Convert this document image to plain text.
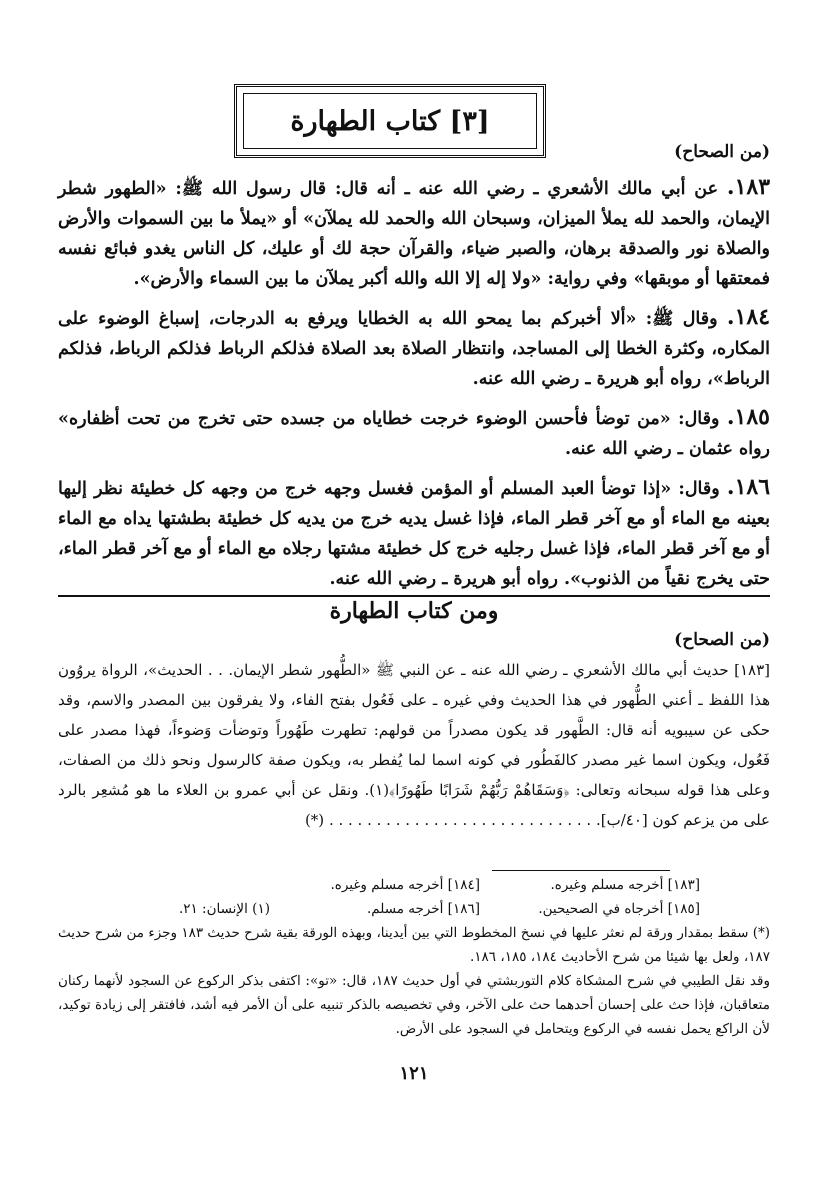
[٣] كتاب الطهارة
(من الصحاح)

١٨٣. عن أبي مالك الأشعري ـ رضي الله عنه ـ أنه قال: قال رسول الله ﷺ: «الطهور شطر الإيمان، والحمد لله يملأ الميزان، وسبحان الله والحمد لله يملآن» أو «يملأ ما بين السموات والأرض والصلاة نور والصدقة برهان، والصبر ضياء، والقرآن حجة لك أو عليك، كل الناس يغدو فبائع نفسه فمعتقها أو موبقها» وفي رواية: «ولا إله إلا الله والله أكبر يملآن ما بين السماء والأرض».

١٨٤. وقال ﷺ: «ألا أخبركم بما يمحو الله به الخطايا ويرفع به الدرجات، إسباغ الوضوء على المكاره، وكثرة الخطا إلى المساجد، وانتظار الصلاة بعد الصلاة فذلكم الرباط فذلكم الرباط، فذلكم الرباط»، رواه أبو هريرة ـ رضي الله عنه.

١٨٥. وقال: «من توضأ فأحسن الوضوء خرجت خطاياه من جسده حتى تخرج من تحت أظفاره» رواه عثمان ـ رضي الله عنه.

١٨٦. وقال: «إذا توضأ العبد المسلم أو المؤمن فغسل وجهه خرج من وجهه كل خطيئة نظر إليها بعينه مع الماء أو مع آخر قطر الماء، فإذا غسل يديه خرج من يديه كل خطيئة بطشتها يداه مع الماء أو مع آخر قطر الماء، فإذا غسل رجليه خرج كل خطيئة مشتها رجلاه مع الماء أو مع آخر قطر الماء، حتى يخرج نقياً من الذنوب». رواه أبو هريرة ـ رضي الله عنه.

ومن كتاب الطهارة
(من الصحاح)
[١٨٣] حديث أبي مالك الأشعري ـ رضي الله عنه ـ عن النبي ﷺ «الطُّهور شطر الإيمان. . . الحديث»، الرواة يروُون هذا اللفظ ـ أعني الطُّهور في هذا الحديث وفي غيره ـ على فَعُول بفتح الفاء، ولا يفرقون بين المصدر والاسم، وقد حكى عن سيبويه أنه قال: الطَّهور قد يكون مصدراً من قولهم: تطهرت طَهُوراً وتوضأت وَضوءاً، فهذا مصدر على فَعُول، ويكون اسما غير مصدر كالفَطُور في كونه اسما لما يُفطر به، ويكون صفة كالرسول ونحو ذلك من الصفات، وعلى هذا قوله سبحانه وتعالى: ﴿وَسَقَاهُمْ رَبُّهُمْ شَرَابًا طَهُورًا﴾(١). ونقل عن أبي عمرو بن العلاء ما هو مُشعِر بالرد على من يزعم كون [٤٠/ب]. . . . . . . . . . . . . . . . . . . . . . . . . . . . . (*)
[١٨٣] أخرجه مسلم وغيره.
[١٨٤] أخرجه مسلم وغيره.
[١٨٥] أخرجاه في الصحيحين.
[١٨٦] أخرجه مسلم.
(١) الإنسان: ٢١.
(*) سقط بمقدار ورقة لم نعثر عليها في نسخ المخطوط التي بين أيدينا، وبهذه الورقة بقية شرح حديث ١٨٣ وجزء من شرح حديث ١٨٧، ولعل بها شيئا من شرح الأحاديث ١٨٤، ١٨٥، ١٨٦.
وقد نقل الطيبي في شرح المشكاة كلام التوربشتي في أول حديث ١٨٧، قال: «تو»: اكتفى بذكر الركوع عن السجود لأنهما ركنان متعاقبان، فإذا حث على إحسان أحدهما حث على الآخر، وفي تخصيصه بالذكر تنبيه على أن الأمر فيه أشد، فافتقر إلى زيادة توكيد، لأن الراكع يحمل نفسه في الركوع ويتحامل في السجود على الأرض.
١٢١
